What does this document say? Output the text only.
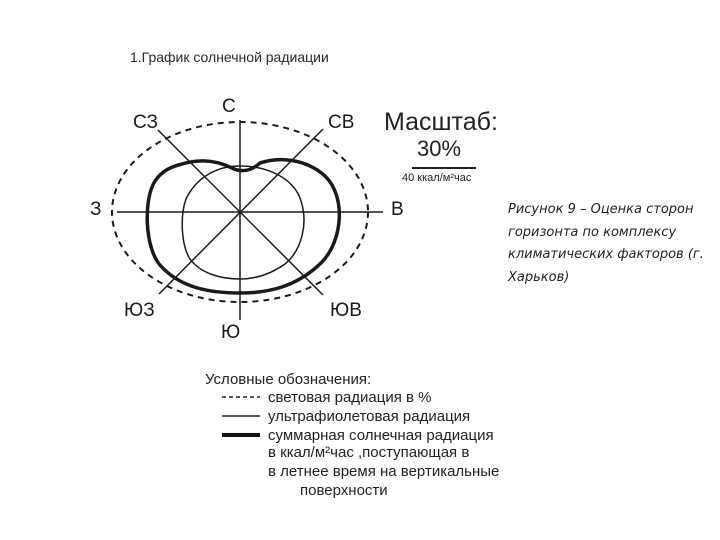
1.График солнечной радиации
С
СЗ	СВ
З	В
ЮЗ	ЮВ
Ю
Масштаб:
30%
40 ккал/м²час
Рисунок 9 – Оценка сторон горизонта по комплексу климатических факторов (г. Харьков)
Условные обозначения:
световая радиация в %
ультрафиолетовая радиация
суммарная солнечная радиация
в ккал/м²час ,поступающая в
в летнее время на вертикальные
поверхности
